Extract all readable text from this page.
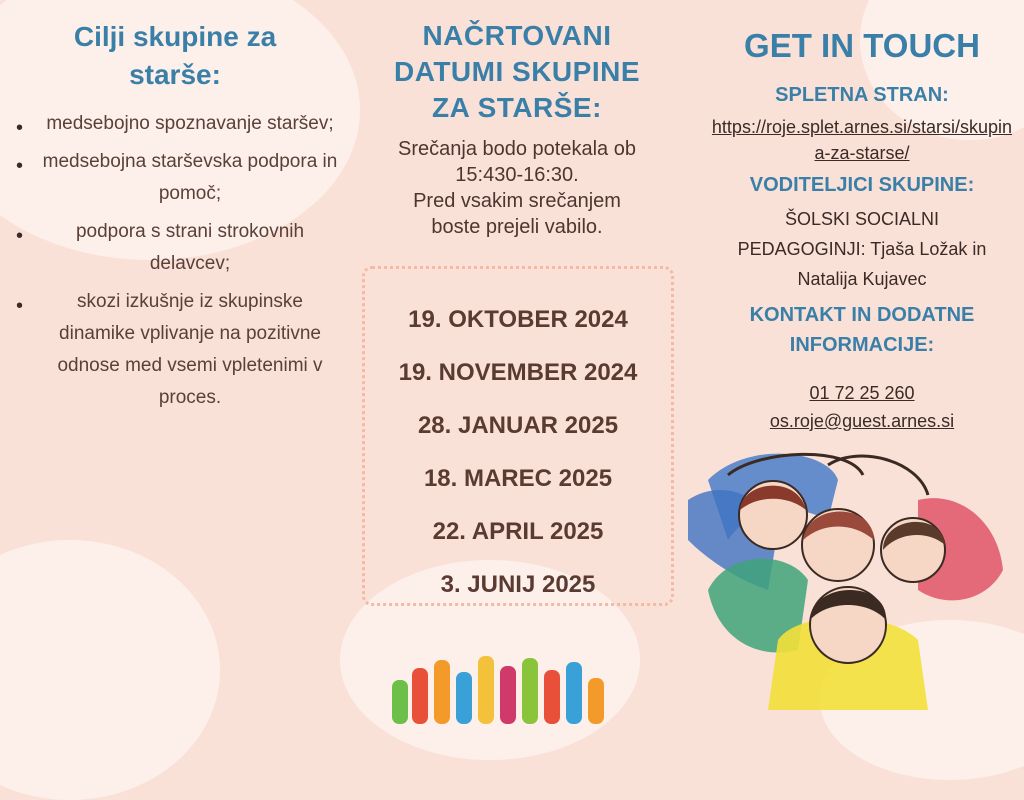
Cilji skupine za starše:
• medsebojno spoznavanje staršev;
• medsebojna starševska podpora in pomoč;
• podpora s strani strokovnih delavcev;
• skozi izkušnje iz skupinske dinamike vplivanje na pozitivne odnose med vsemi vpletenimi v proces.
NAČRTOVANI DATUMI SKUPINE ZA STARŠE:
Srečanja bodo potekala ob 15:430-16:30.
Pred vsakim srečanjem boste prejeli vabilo.
19. OKTOBER 2024
19. NOVEMBER 2024
28. JANUAR 2025
18. MAREC 2025
22. APRIL 2025
3. JUNIJ 2025
GET IN TOUCH
SPLETNA STRAN:
https://roje.splet.arnes.si/starsi/skupina-za-starse/
VODITELJICI SKUPINE:
ŠOLSKI SOCIALNI PEDAGOGINJI: Tjaša Ložak in Natalija Kujavec
KONTAKT IN DODATNE INFORMACIJE:
01 72 25 260
os.roje@guest.arnes.si
